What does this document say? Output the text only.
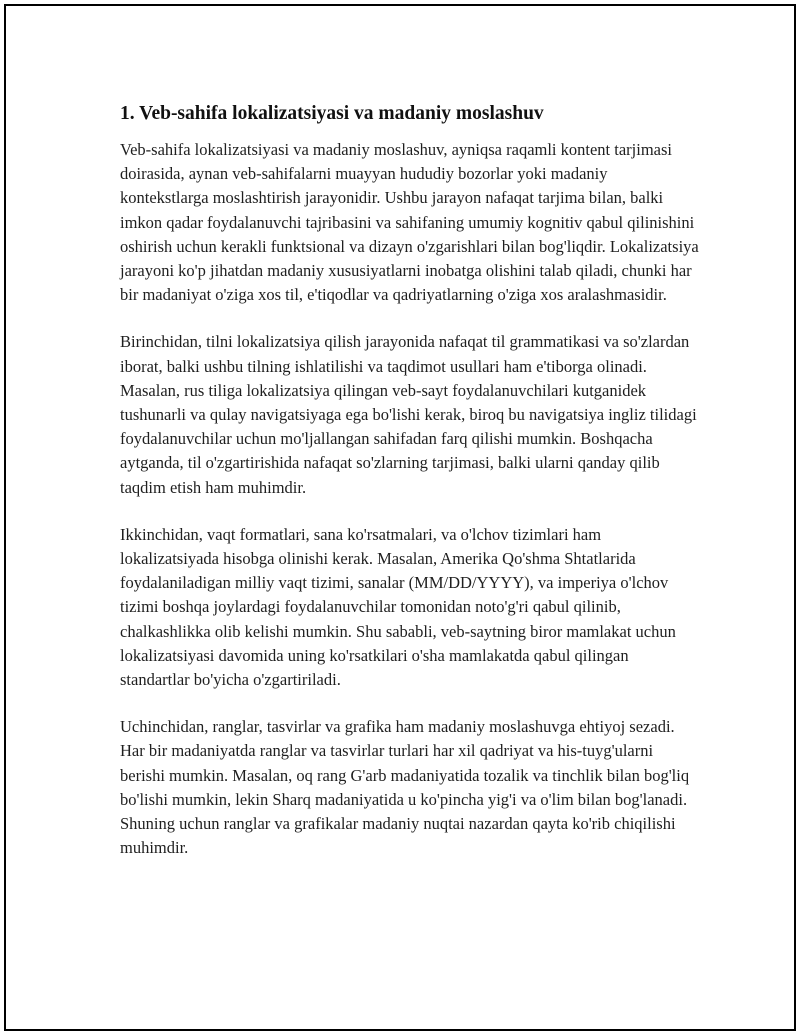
1. Veb-sahifa lokalizatsiyasi va madaniy moslashuv

Veb-sahifa lokalizatsiyasi va madaniy moslashuv, ayniqsa raqamli kontent tarjimasi doirasida, aynan veb-sahifalarni muayyan hududiy bozorlar yoki madaniy kontekstlarga moslashtirish jarayonidir. Ushbu jarayon nafaqat tarjima bilan, balki imkon qadar foydalanuvchi tajribasini va sahifaning umumiy kognitiv qabul qilinishini oshirish uchun kerakli funktsional va dizayn o'zgarishlari bilan bog'liqdir. Lokalizatsiya jarayoni ko'p jihatdan madaniy xususiyatlarni inobatga olishini talab qiladi, chunki har bir madaniyat o'ziga xos til, e'tiqodlar va qadriyatlarning o'ziga xos aralashmasidir.

Birinchidan, tilni lokalizatsiya qilish jarayonida nafaqat til grammatikasi va so'zlardan iborat, balki ushbu tilning ishlatilishi va taqdimot usullari ham e'tiborga olinadi. Masalan, rus tiliga lokalizatsiya qilingan veb-sayt foydalanuvchilari kutganidek tushunarli va qulay navigatsiyaga ega bo'lishi kerak, biroq bu navigatsiya ingliz tilidagi foydalanuvchilar uchun mo'ljallangan sahifadan farq qilishi mumkin. Boshqacha aytganda, til o'zgartirishida nafaqat so'zlarning tarjimasi, balki ularni qanday qilib taqdim etish ham muhimdir.

Ikkinchidan, vaqt formatlari, sana ko'rsatmalari, va o'lchov tizimlari ham lokalizatsiyada hisobga olinishi kerak. Masalan, Amerika Qo'shma Shtatlarida foydalaniladigan milliy vaqt tizimi, sanalar (MM/DD/YYYY), va imperiya o'lchov tizimi boshqa joylardagi foydalanuvchilar tomonidan noto'g'ri qabul qilinib, chalkashlikka olib kelishi mumkin. Shu sababli, veb-saytning biror mamlakat uchun lokalizatsiyasi davomida uning ko'rsatkilari o'sha mamlakatda qabul qilingan standartlar bo'yicha o'zgartiriladi.

Uchinchidan, ranglar, tasvirlar va grafika ham madaniy moslashuvga ehtiyoj sezadi. Har bir madaniyatda ranglar va tasvirlar turlari har xil qadriyat va his-tuyg'ularni berishi mumkin. Masalan, oq rang G'arb madaniyatida tozalik va tinchlik bilan bog'liq bo'lishi mumkin, lekin Sharq madaniyatida u ko'pincha yig'i va o'lim bilan bog'lanadi. Shuning uchun ranglar va grafikalar madaniy nuqtai nazardan qayta ko'rib chiqilishi muhimdir.
